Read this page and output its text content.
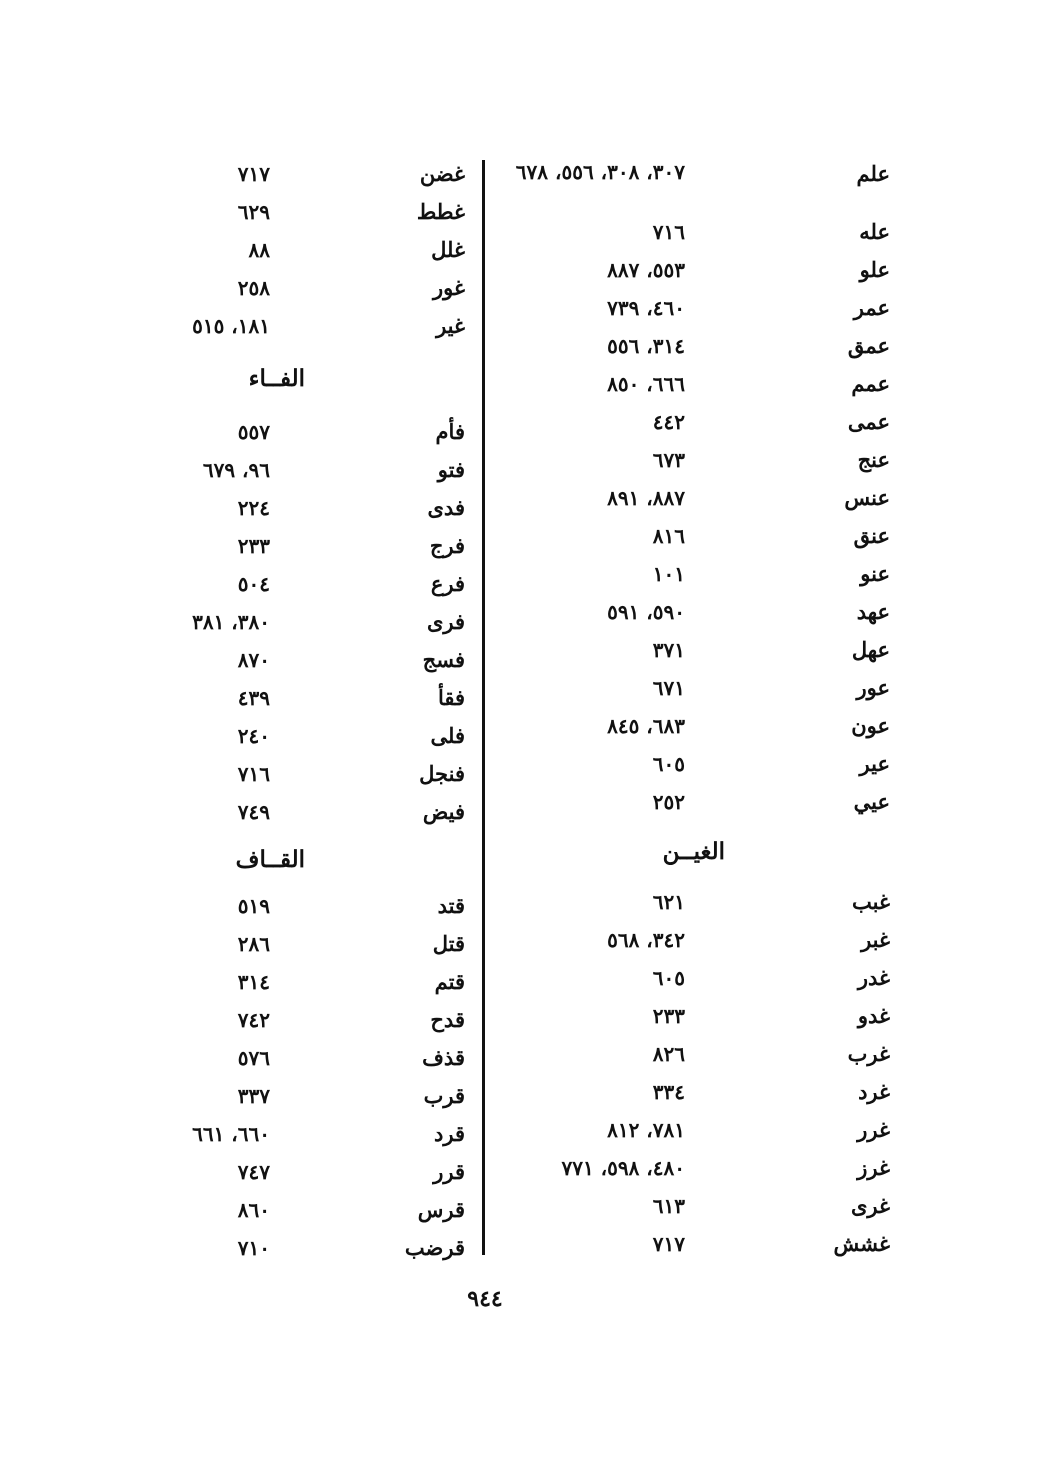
علم
٣٠٧، ٣٠٨، ٥٥٦، ٦٧٨
عله
٧١٦
علو
٥٥٣، ٨٨٧
عمر
٤٦٠، ٧٣٩
عمق
٣١٤، ٥٥٦
عمم
٦٦٦، ٨٥٠
عمى
٤٤٢
عنج
٦٧٣
عنس
٨٨٧، ٨٩١
عنق
٨١٦
عنو
١٠١
عهد
٥٩٠، ٥٩١
عهل
٣٧١
عور
٦٧١
عون
٦٨٣، ٨٤٥
عير
٦٠٥
عيي
٢٥٢
الغيــن
غبب
٦٢١
غبر
٣٤٢، ٥٦٨
غدر
٦٠٥
غدو
٢٣٣
غرب
٨٢٦
غرد
٣٣٤
غرر
٧٨١، ٨١٢
غرز
٤٨٠، ٥٩٨، ٧٧١
غرى
٦١٣
غشش
٧١٧
غضن
٧١٧
غطط
٦٢٩
غلل
٨٨
غور
٢٥٨
غير
١٨١، ٥١٥
الفــاء
فأم
٥٥٧
فتو
٩٦، ٦٧٩
فدى
٢٢٤
فرج
٢٣٣
فرع
٥٠٤
فرى
٣٨٠، ٣٨١
فسج
٨٧٠
فقأ
٤٣٩
فلى
٢٤٠
فنجل
٧١٦
فيض
٧٤٩
القــاف
قتد
٥١٩
قتل
٢٨٦
قتم
٣١٤
قدح
٧٤٢
قذف
٥٧٦
قرب
٣٣٧
قرد
٦٦٠، ٦٦١
قرر
٧٤٧
قرس
٨٦٠
قرضب
٧١٠
٩٤٤
